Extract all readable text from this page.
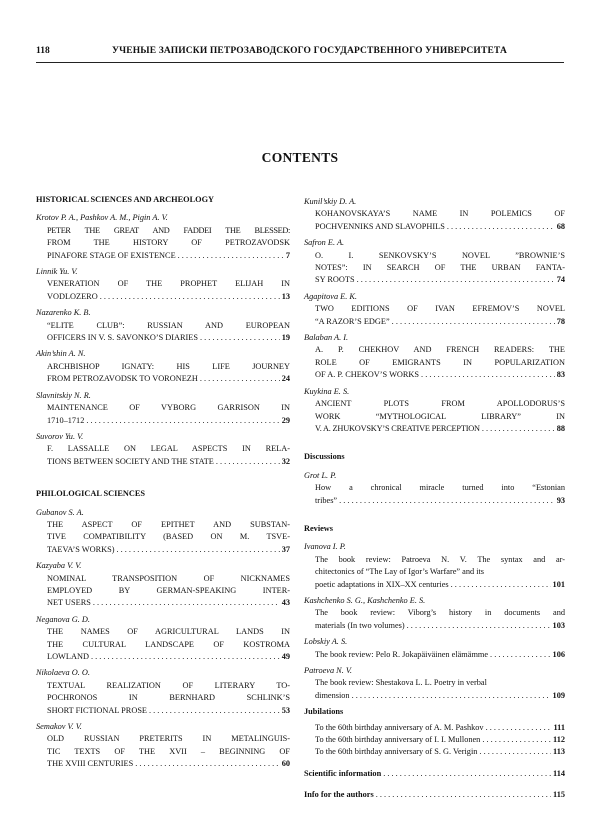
118	УЧЕНЫЕ ЗАПИСКИ ПЕТРОЗАВОДСКОГО ГОСУДАРСТВЕННОГО УНИВЕРСИТЕТА
CONTENTS
HISTORICAL SCIENCES AND ARCHEOLOGY
Krotov P. A., Pashkov A. M., Pigin A. V.
PETER THE GREAT AND FADDEI THE BLESSED:
FROM THE HISTORY OF PETROZAVODSK
PINAFORE STAGE OF EXISTENCE . . .	7
Linnik Yu. V.
VENERATION OF THE PROPHET ELIJAH IN
VODLOZERO . . .	13
Nazarenko K. B.
“ELITE CLUB”: RUSSIAN AND EUROPEAN
OFFICERS IN V. S. SAVONKO’S DIARIES . . .	19
Akin’shin A. N.
ARCHBISHOP IGNATY: HIS LIFE JOURNEY
FROM PETROZAVODSK TO VORONEZH . . .	24
Slavnitskiy N. R.
MAINTENANCE OF VYBORG GARRISON IN
1710–1712 . . .	29
Suvorov Yu. V.
F. LASSALLE ON LEGAL ASPECTS IN RELA-
TIONS BETWEEN SOCIETY AND THE STATE . . .	32
PHILOLOGICAL SCIENCES
Gubanov S. A.
THE ASPECT OF EPITHET AND SUBSTAN-
TIVE COMPATIBILITY (BASED ON M. TSVE-
TAEVA’S WORKS) . . .	37
Kazyaba V. V.
NOMINAL TRANSPOSITION OF NICKNAMES
EMPLOYED BY GERMAN-SPEAKING INTER-
NET USERS . . .	43
Neganova G. D.
THE NAMES OF AGRICULTURAL LANDS IN
THE CULTURAL LANDSCAPE OF KOSTROMA
LOWLAND . . .	49
Nikolaeva O. O.
TEXTUAL REALIZATION OF LITERARY TO-
POCHRONOS IN BERNHARD SCHLINK’S
SHORT FICTIONAL PROSE . . .	53
Semakov V. V.
OLD RUSSIAN PRETERITS IN METALINGUIS-
TIC TEXTS OF THE XVII – BEGINNING OF
THE XVIII CENTURIES . . .	60
Kunil’skiy D. A.
KOHANOVSKAYA’S NAME IN POLEMICS OF
POCHVENNIKS AND SLAVOPHILS . . .	68
Safron E. A.
O. I. SENKOVSKY’S NOVEL ”BROWNIE’S
NOTES”: IN SEARCH OF THE URBAN FANTA-
SY ROOTS . . .	74
Agapitova E. K.
TWO EDITIONS OF IVAN EFREMOV’S NOVEL
“A RAZOR’S EDGE” . . .	78
Balaban A. I.
A. P. CHEKHOV AND FRENCH READERS: THE
ROLE OF EMIGRANTS IN POPULARIZATION
OF A. P. CHEKOV’S WORKS . . .	83
Kuykina E. S.
ANCIENT PLOTS FROM APOLLODORUS’S
WORK “MYTHOLOGICAL LIBRARY” IN
V. A. ZHUKOVSKY’S CREATIVE PERCEPTION . . .	88
Discussions
Grot L. P.
How a chronical miracle turned into “Estonian
tribes” . . .	93
Reviews
Ivanova I. P.
The book review: Patroeva N. V. The syntax and ar-
chitectonics of “The Lay of Igor’s Warfare” and its
poetic adaptations in XIX–XX centuries . . .	101
Kashchenko S. G., Kashchenko E. S.
The book review: Viborg’s history in documents and
materials (In two volumes) . . .	103
Lobskiy A. S.
The book review: Pelo R. Jokapäiväinen elämämme . . .	106
Patroeva N. V.
The book review: Shestakova L. L. Poetry in verbal
dimension . . .	109
Jubilations
To the 60th birthday anniversary of A. M. Pashkov . . .	111
To the 60th birthday anniversary of I. I. Mullonen . . .	112
To the 60th birthday anniversary of S. G. Verigin . . .	113
Scientific information . . .	114
Info for the authors . . .	115
